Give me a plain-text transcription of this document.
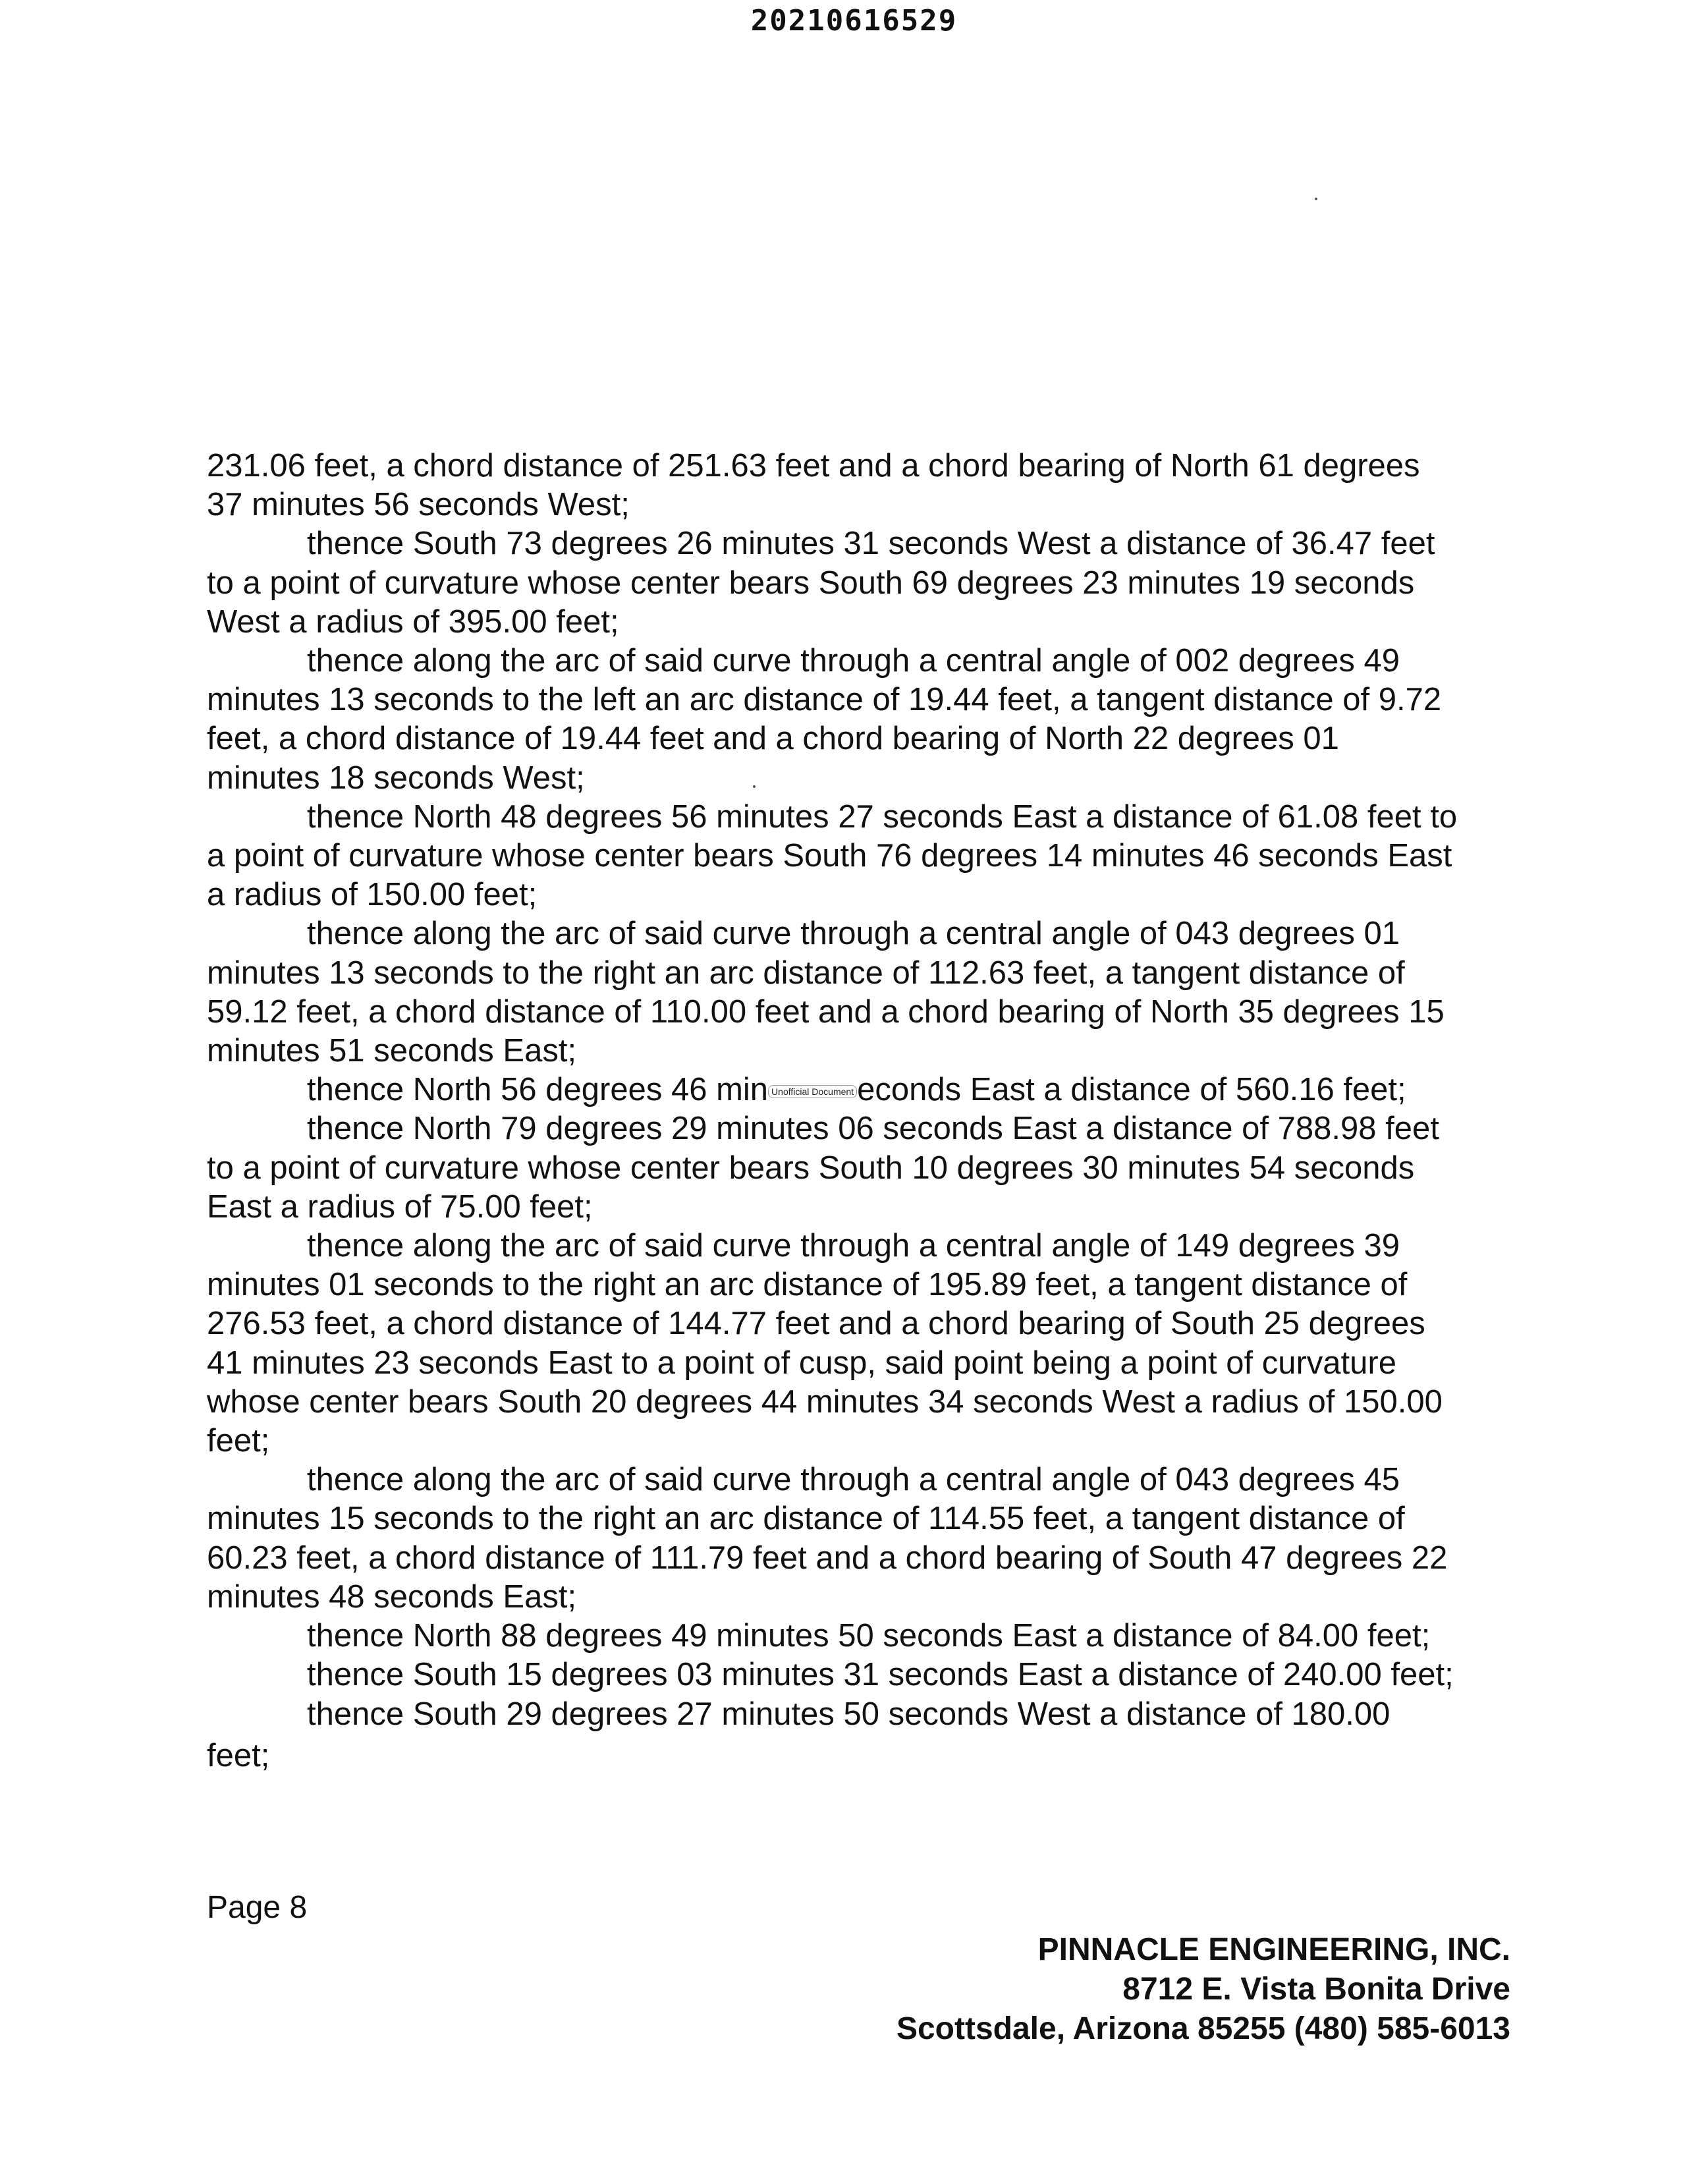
20210616529
231.06 feet, a chord distance of 251.63 feet and a chord bearing of North 61 degrees
37 minutes 56 seconds West;
thence South 73 degrees 26 minutes 31 seconds West a distance of 36.47 feet
to a point of curvature whose center bears South 69 degrees 23 minutes 19 seconds
West a radius of 395.00 feet;
thence along the arc of said curve through a central angle of 002 degrees 49
minutes 13 seconds to the left an arc distance of 19.44 feet, a tangent distance of 9.72
feet, a chord distance of 19.44 feet and a chord bearing of North 22 degrees 01
minutes 18 seconds West;
thence North 48 degrees 56 minutes 27 seconds East a distance of 61.08 feet to
a point of curvature whose center bears South 76 degrees 14 minutes 46 seconds East
a radius of 150.00 feet;
thence along the arc of said curve through a central angle of 043 degrees 01
minutes 13 seconds to the right an arc distance of 112.63 feet, a tangent distance of
59.12 feet, a chord distance of 110.00 feet and a chord bearing of North 35 degrees 15
minutes 51 seconds East;
thence North 56 degrees 46 min Unofficial Document econds East a distance of 560.16 feet;
thence North 79 degrees 29 minutes 06 seconds East a distance of 788.98 feet
to a point of curvature whose center bears South 10 degrees 30 minutes 54 seconds
East a radius of 75.00 feet;
thence along the arc of said curve through a central angle of 149 degrees 39
minutes 01 seconds to the right an arc distance of 195.89 feet, a tangent distance of
276.53 feet, a chord distance of 144.77 feet and a chord bearing of South 25 degrees
41 minutes 23 seconds East to a point of cusp, said point being a point of curvature
whose center bears South 20 degrees 44 minutes 34 seconds West a radius of 150.00
feet;
thence along the arc of said curve through a central angle of 043 degrees 45
minutes 15 seconds to the right an arc distance of 114.55 feet, a tangent distance of
60.23 feet, a chord distance of 111.79 feet and a chord bearing of South 47 degrees 22
minutes 48 seconds East;
thence North 88 degrees 49 minutes 50 seconds East a distance of 84.00 feet;
thence South 15 degrees 03 minutes 31 seconds East a distance of 240.00 feet;
thence South 29 degrees 27 minutes 50 seconds West a distance of 180.00
feet;
Page 8
PINNACLE ENGINEERING, INC.
8712 E. Vista Bonita Drive
Scottsdale, Arizona 85255 (480) 585-6013
